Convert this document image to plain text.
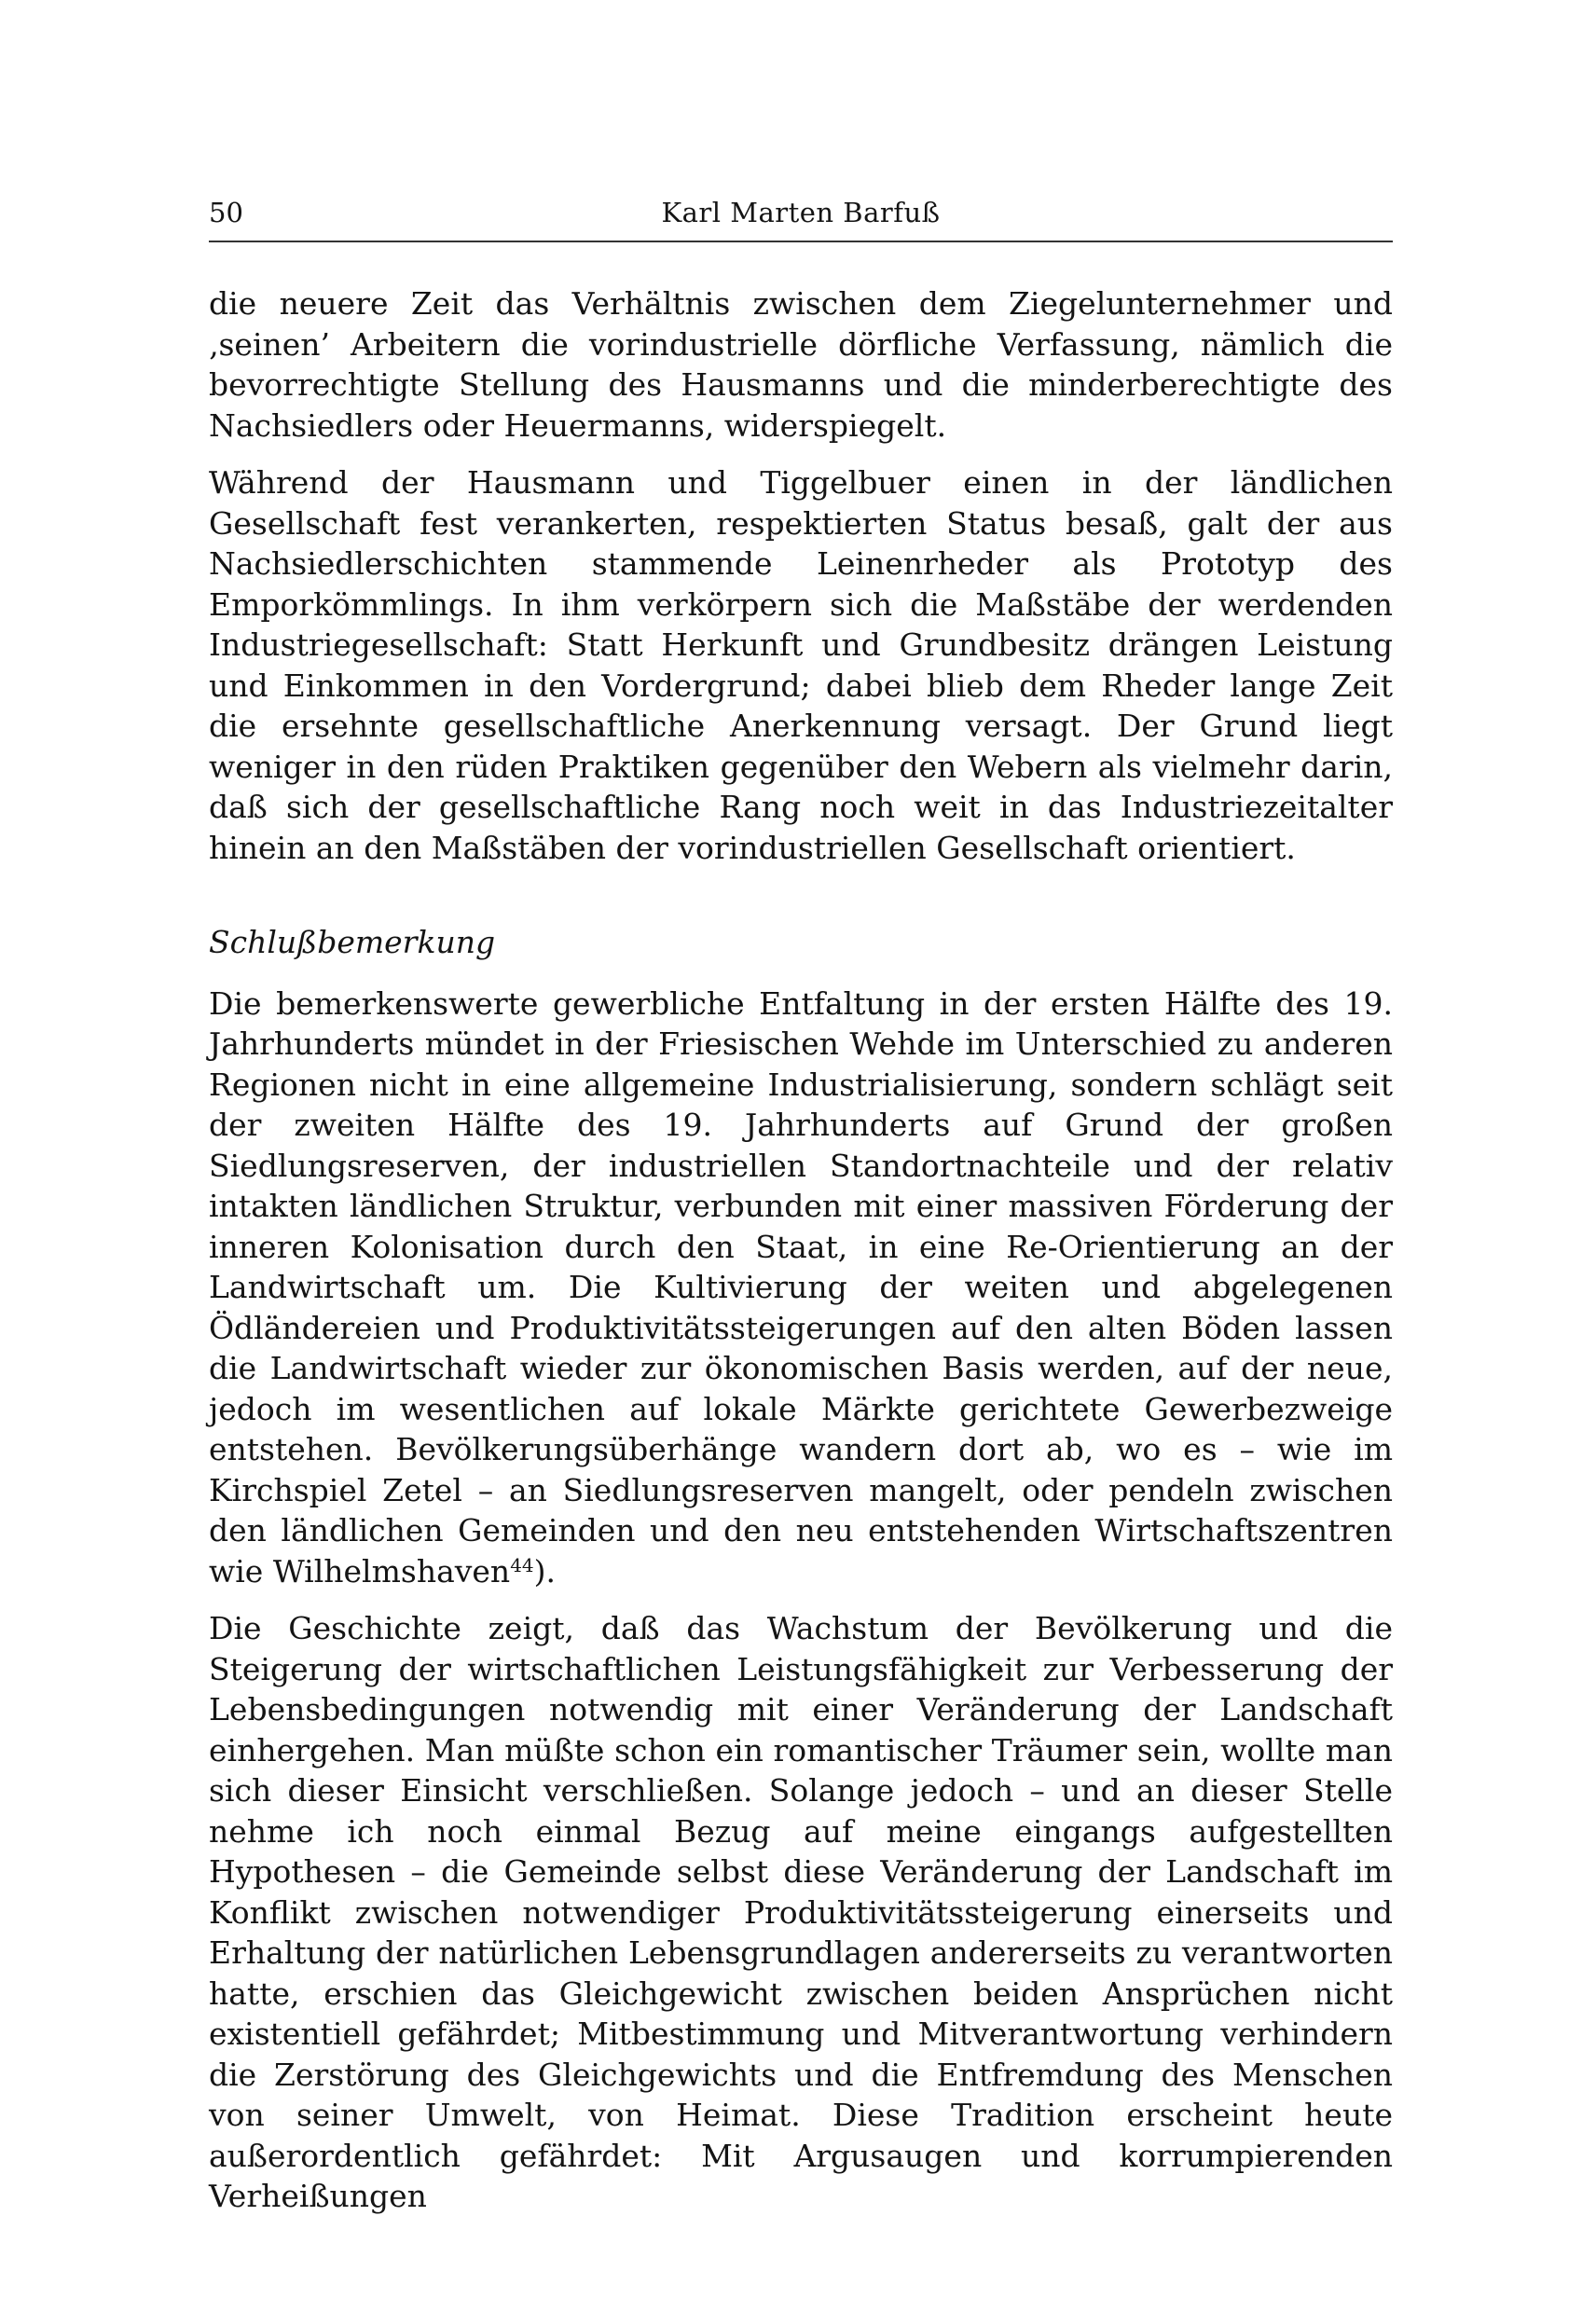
50	Karl Marten Barfuß

die neuere Zeit das Verhältnis zwischen dem Ziegelunternehmer und ‚seinen’ Arbeitern die vorindustrielle dörfliche Verfassung, nämlich die bevorrechtigte Stellung des Hausmanns und die minderberechtigte des Nachsiedlers oder Heuermanns, widerspiegelt.

Während der Hausmann und Tiggelbuer einen in der ländlichen Gesellschaft fest verankerten, respektierten Status besaß, galt der aus Nachsiedlerschichten stammende Leinenrheder als Prototyp des Emporkömmlings. In ihm verkörpern sich die Maßstäbe der werdenden Industriegesellschaft: Statt Herkunft und Grundbesitz drängen Leistung und Einkommen in den Vordergrund; dabei blieb dem Rheder lange Zeit die ersehnte gesellschaftliche Anerkennung versagt. Der Grund liegt weniger in den rüden Praktiken gegenüber den Webern als vielmehr darin, daß sich der gesellschaftliche Rang noch weit in das Industriezeitalter hinein an den Maßstäben der vorindustriellen Gesellschaft orientiert.

Schlußbemerkung

Die bemerkenswerte gewerbliche Entfaltung in der ersten Hälfte des 19. Jahrhunderts mündet in der Friesischen Wehde im Unterschied zu anderen Regionen nicht in eine allgemeine Industrialisierung, sondern schlägt seit der zweiten Hälfte des 19. Jahrhunderts auf Grund der großen Siedlungsreserven, der industriellen Standortnachteile und der relativ intakten ländlichen Struktur, verbunden mit einer massiven Förderung der inneren Kolonisation durch den Staat, in eine Re-Orientierung an der Landwirtschaft um. Die Kultivierung der weiten und abgelegenen Ödländereien und Produktivitätssteigerungen auf den alten Böden lassen die Landwirtschaft wieder zur ökonomischen Basis werden, auf der neue, jedoch im wesentlichen auf lokale Märkte gerichtete Gewerbezweige entstehen. Bevölkerungsüberhänge wandern dort ab, wo es – wie im Kirchspiel Zetel – an Siedlungsreserven mangelt, oder pendeln zwischen den ländlichen Gemeinden und den neu entstehenden Wirtschaftszentren wie Wilhelmshaven$^{44}$).

Die Geschichte zeigt, daß das Wachstum der Bevölkerung und die Steigerung der wirtschaftlichen Leistungsfähigkeit zur Verbesserung der Lebensbedingungen notwendig mit einer Veränderung der Landschaft einhergehen. Man müßte schon ein romantischer Träumer sein, wollte man sich dieser Einsicht verschließen. Solange jedoch – und an dieser Stelle nehme ich noch einmal Bezug auf meine eingangs aufgestellten Hypothesen – die Gemeinde selbst diese Veränderung der Landschaft im Konflikt zwischen notwendiger Produktivitätssteigerung einerseits und Erhaltung der natürlichen Lebensgrundlagen andererseits zu verantworten hatte, erschien das Gleichgewicht zwischen beiden Ansprüchen nicht existentiell gefährdet; Mitbestimmung und Mitverantwortung verhindern die Zerstörung des Gleichgewichts und die Entfremdung des Menschen von seiner Umwelt, von Heimat. Diese Tradition erscheint heute außerordentlich gefährdet: Mit Argusaugen und korrumpierenden Verheißungen
